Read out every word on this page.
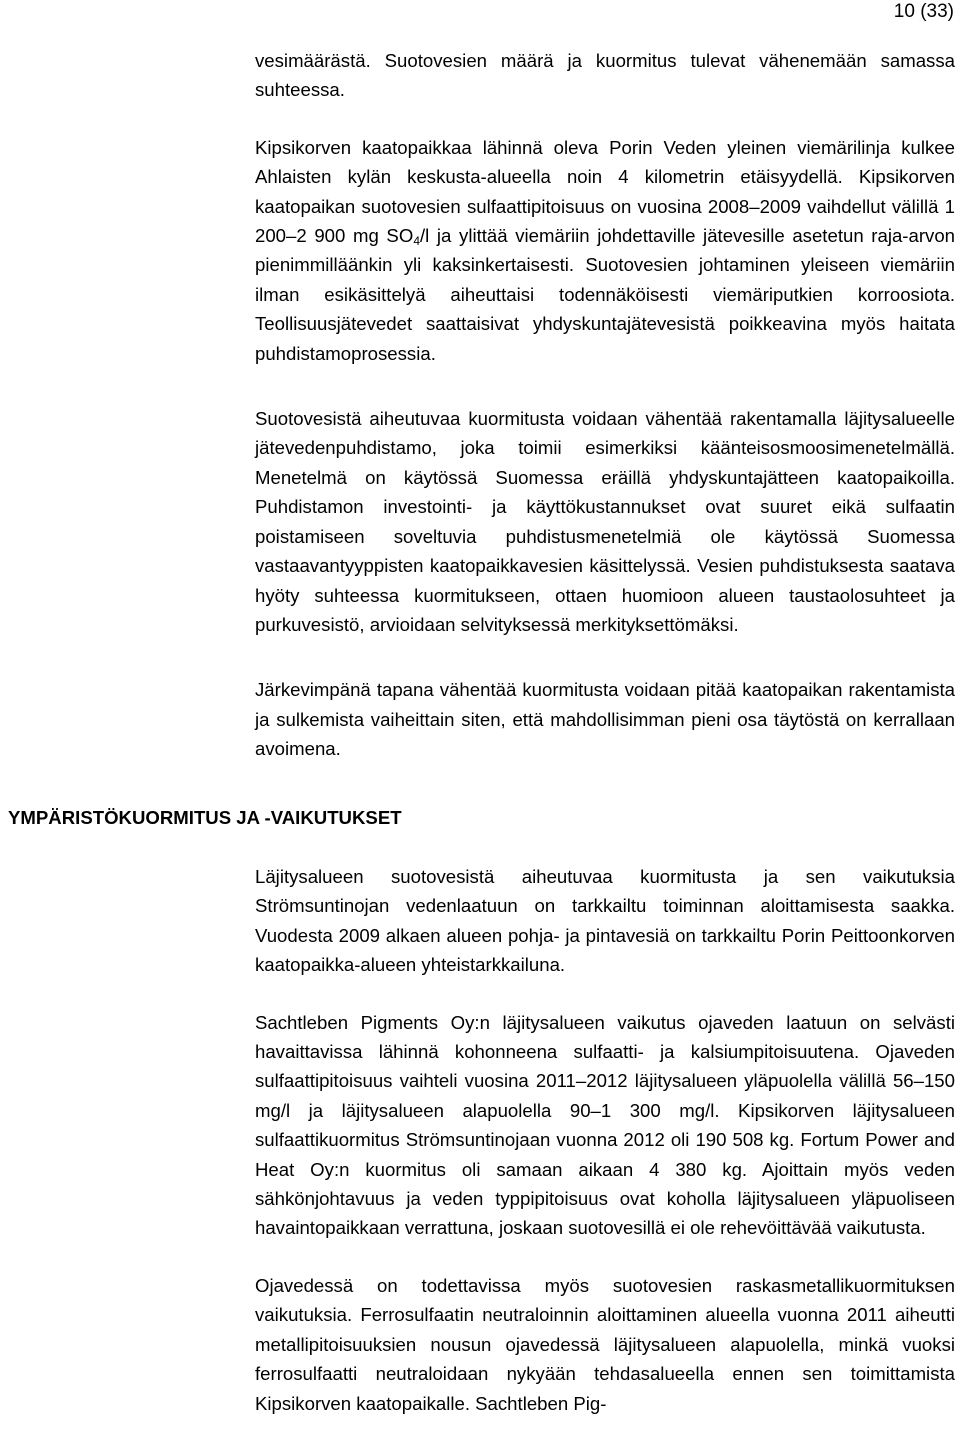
10 (33)

vesimäärästä. Suotovesien määrä ja kuormitus tulevat vähenemään samassa suhteessa.

Kipsikorven kaatopaikkaa lähinnä oleva Porin Veden yleinen viemärilinja kulkee Ahlaisten kylän keskusta-alueella noin 4 kilometrin etäisyydellä. Kipsikorven kaatopaikan suotovesien sulfaattipitoisuus on vuosina 2008–2009 vaihdellut välillä 1 200–2 900 mg $SO_4/l$ ja ylittää viemäriin johdettaville jätevesille asetetun raja-arvon pienimmilläänkin yli kaksinkertaisesti. Suotovesien johtaminen yleiseen viemäriin ilman esikäsittelyä aiheuttaisi todennäköisesti viemäriputkien korroosiota. Teollisuusjätevedet saattaisivat yhdyskuntajätevesistä poikkeavina myös haitata puhdistamoprosessia.

Suotovesistä aiheutuvaa kuormitusta voidaan vähentää rakentamalla läjitysalueelle jätevedenpuhdistamo, joka toimii esimerkiksi käänteisosmoosimenetelmällä. Menetelmä on käytössä Suomessa eräillä yhdyskuntajätteen kaatopaikoilla. Puhdistamon investointi- ja käyttökustannukset ovat suuret eikä sulfaatin poistamiseen soveltuvia puhdistusmenetelmiä ole käytössä Suomessa vastaavantyyppisten kaatopaikkavesien käsittelyssä. Vesien puhdistuksesta saatava hyöty suhteessa kuormitukseen, ottaen huomioon alueen taustaolosuhteet ja purkuvesistö, arvioidaan selvityksessä merkityksettömäksi.

Järkevimpänä tapana vähentää kuormitusta voidaan pitää kaatopaikan rakentamista ja sulkemista vaiheittain siten, että mahdollisimman pieni osa täytöstä on kerrallaan avoimena.

YMPÄRISTÖKUORMITUS JA -VAIKUTUKSET

Läjitysalueen suotovesistä aiheutuvaa kuormitusta ja sen vaikutuksia Strömsuntinojan vedenlaatuun on tarkkailtu toiminnan aloittamisesta saakka. Vuodesta 2009 alkaen alueen pohja- ja pintavesiä on tarkkailtu Porin Peittoonkorven kaatopaikka-alueen yhteistarkkailuna.

Sachtleben Pigments Oy:n läjitysalueen vaikutus ojaveden laatuun on selvästi havaittavissa lähinnä kohonneena sulfaatti- ja kalsiumpitoisuutena. Ojaveden sulfaattipitoisuus vaihteli vuosina 2011–2012 läjitysalueen yläpuolella välillä 56–150 mg/l ja läjitysalueen alapuolella 90–1 300 mg/l. Kipsikorven läjitysalueen sulfaattikuormitus Strömsuntinojaan vuonna 2012 oli 190 508 kg. Fortum Power and Heat Oy:n kuormitus oli samaan aikaan 4 380 kg. Ajoittain myös veden sähkönjohtavuus ja veden typpipitoisuus ovat koholla läjitysalueen yläpuoliseen havaintopaikkaan verrattuna, joskaan suotovesillä ei ole rehevöittävää vaikutusta.

Ojavedessä on todettavissa myös suotovesien raskasmetallikuormituksen vaikutuksia. Ferrosulfaatin neutraloinnin aloittaminen alueella vuonna 2011 aiheutti metallipitoisuuksien nousun ojavedessä läjitysalueen alapuolella, minkä vuoksi ferrosulfaatti neutraloidaan nykyään tehdasalueella ennen sen toimittamista Kipsikorven kaatopaikalle. Sachtleben Pig-
